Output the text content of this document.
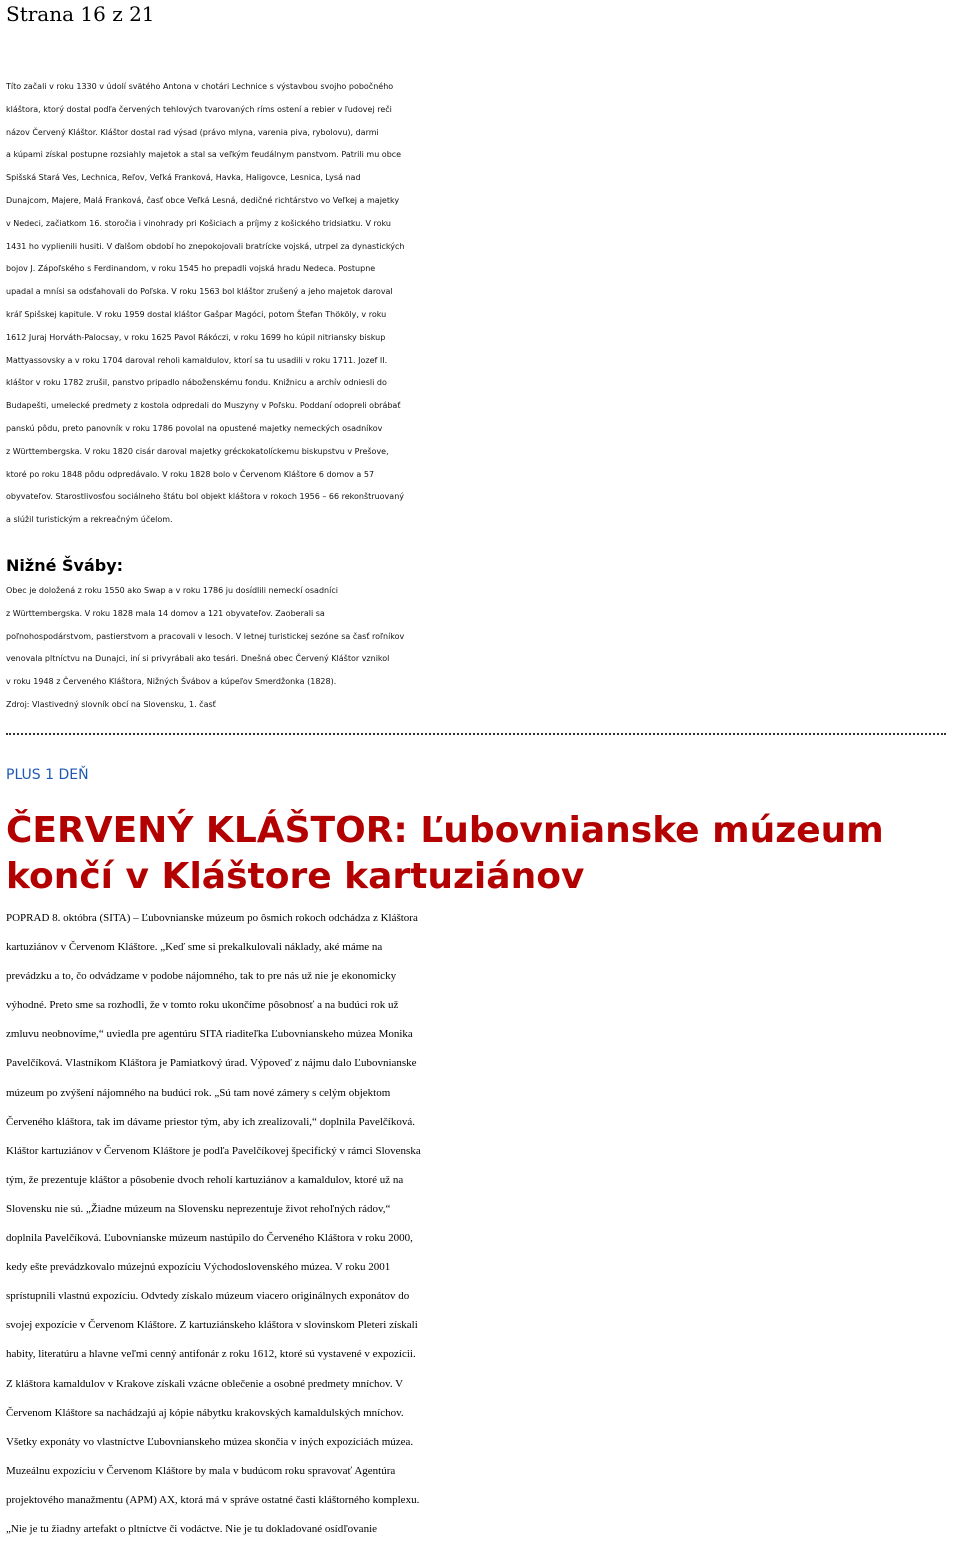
Strana 16 z 21
Títo začali v roku 1330 v údolí svätého Antona v chotári Lechnice s výstavbou svojho pobočného
kláštora, ktorý dostal podľa červených tehlových tvarovaných ríms ostení a rebier v ľudovej reči
názov Červený Kláštor. Kláštor dostal rad výsad (právo mlyna, varenia piva, rybolovu), darmi
a kúpami získal postupne rozsiahly majetok a stal sa veľkým feudálnym panstvom. Patrili mu obce
Spišská Stará Ves, Lechnica, Reľov, Veľká Franková, Havka, Haligovce, Lesnica, Lysá nad
Dunajcom, Majere, Malá Franková, časť obce Veľká Lesná, dedičné richtárstvo vo Veľkej a majetky
v Nedeci, začiatkom 16. storočia i vinohrady pri Košiciach a príjmy z košického tridsiatku. V roku
1431 ho vyplienili husiti. V ďalšom období ho znepokojovali bratrícke vojská, utrpel za dynastických
bojov J. Zápoľského s Ferdinandom, v roku 1545 ho prepadli vojská hradu Nedeca. Postupne
upadal a mnísi sa odsťahovali do Poľska. V roku 1563 bol kláštor zrušený a jeho majetok daroval
kráľ Spišskej kapitule. V roku 1959 dostal kláštor Gašpar Magóci, potom Štefan Thököly, v roku
1612 Juraj Horváth-Palocsay, v roku 1625 Pavol Rákóczi, v roku 1699 ho kúpil nitriansky biskup
Mattyassovsky a v roku 1704 daroval reholi kamaldulov, ktorí sa tu usadili v roku 1711. Jozef II.
kláštor v roku 1782 zrušil, panstvo pripadlo náboženskému fondu. Knižnicu a archív odniesli do
Budapešti, umelecké predmety z kostola odpredali do Muszyny v Poľsku. Poddaní odopreli obrábať
panskú pôdu, preto panovník v roku 1786 povolal na opustené majetky nemeckých osadníkov
z Württembergska. V roku 1820 cisár daroval majetky gréckokatolíckemu biskupstvu v Prešove,
ktoré po roku 1848 pôdu odpredávalo. V roku 1828 bolo v Červenom Kláštore 6 domov a 57
obyvateľov. Starostlivosťou sociálneho štátu bol objekt kláštora v rokoch 1956 – 66 rekonštruovaný
a slúžil turistickým a rekreačným účelom.
Nižné Šváby:
Obec je doložená z roku 1550 ako Swap a v roku 1786 ju dosídlili nemeckí osadníci
z Württembergska. V roku 1828 mala 14 domov a 121 obyvateľov. Zaoberali sa
poľnohospodárstvom, pastierstvom a pracovali v lesoch. V letnej turistickej sezóne sa časť roľníkov
venovala pltníctvu na Dunajci, iní si privyrábali ako tesári. Dnešná obec Červený Kláštor vznikol
v roku 1948 z Červeného Kláštora, Nižných Švábov a kúpeľov Smerdžonka (1828).
Zdroj: Vlastivedný slovník obcí na Slovensku, 1. časť
PLUS 1 DEŇ
ČERVENÝ KLÁŠTOR: Ľubovnianske múzeum končí v Kláštore kartuziánov
POPRAD 8. októbra (SITA) – Ľubovnianske múzeum po ôsmich rokoch odchádza z Kláštora
kartuziánov v Červenom Kláštore. „Keď sme si prekalkulovali náklady, aké máme na
prevádzku a to, čo odvádzame v podobe nájomného, tak to pre nás už nie je ekonomicky
výhodné. Preto sme sa rozhodli, že v tomto roku ukončíme pôsobnosť a na budúci rok už
zmluvu neobnovíme,“ uviedla pre agentúru SITA riaditeľka Ľubovnianskeho múzea Monika
Pavelčíková. Vlastníkom Kláštora je Pamiatkový úrad. Výpoveď z nájmu dalo Ľubovnianske
múzeum po zvýšení nájomného na budúci rok. „Sú tam nové zámery s celým objektom
Červeného kláštora, tak im dávame priestor tým, aby ich zrealizovali,“ doplnila Pavelčíková.
Kláštor kartuziánov v Červenom Kláštore je podľa Pavelčíkovej špecifický v rámci Slovenska
tým, že prezentuje kláštor a pôsobenie dvoch reholí kartuziánov a kamaldulov, ktoré už na
Slovensku nie sú. „Žiadne múzeum na Slovensku neprezentuje život rehoľných rádov,“
doplnila Pavelčíková. Ľubovnianske múzeum nastúpilo do Červeného Kláštora v roku 2000,
kedy ešte prevádzkovalo múzejnú expozíciu Východoslovenského múzea. V roku 2001
sprístupnili vlastnú expozíciu. Odvtedy získalo múzeum viacero originálnych exponátov do
svojej expozície v Červenom Kláštore. Z kartuziánskeho kláštora v slovinskom Pleteri získali
habity, literatúru a hlavne veľmi cenný antifonár z roku 1612, ktoré sú vystavené v expozícii.
Z kláštora kamaldulov v Krakove získali vzácne oblečenie a osobné predmety mníchov. V
Červenom Kláštore sa nachádzajú aj kópie nábytku krakovských kamaldulských mníchov.
Všetky exponáty vo vlastníctve Ľubovnianskeho múzea skončia v iných expozíciách múzea.
Muzeálnu expozíciu v Červenom Kláštore by mala v budúcom roku spravovať Agentúra
projektového manažmentu (APM) AX, ktorá má v správe ostatné časti kláštorného komplexu.
„Nie je tu žiadny artefakt o pltníctve či vodáctve. Nie je tu dokladované osídľovanie
